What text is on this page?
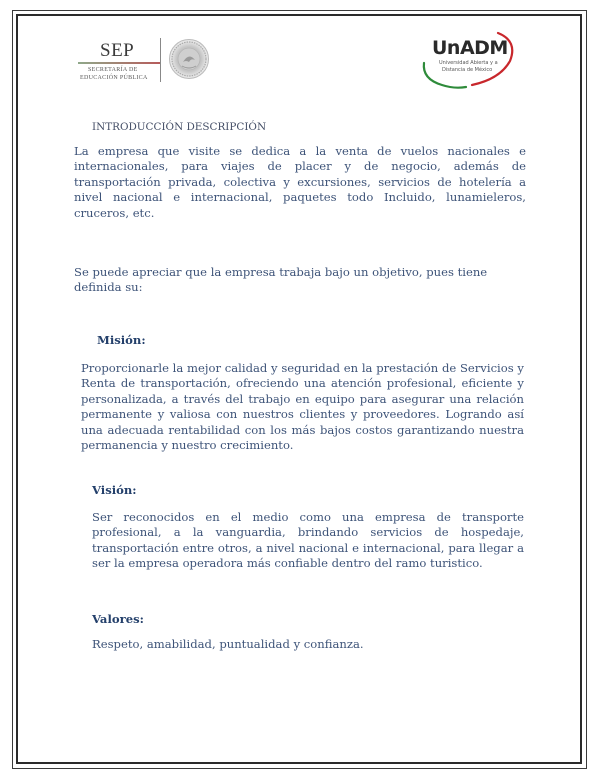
SEP
SECRETARÍA DE
EDUCACIÓN PÚBLICA
UnADM
Universidad Abierta y a
Distancia de México

INTRODUCCIÓN DESCRIPCIÓN

La empresa que visite se dedica a la venta de vuelos nacionales e internacionales, para viajes de placer y de negocio, además de transportación privada, colectiva y excursiones, servicios de hotelería a nivel nacional e internacional, paquetes todo Incluido, lunamieleros, cruceros, etc.

Se puede apreciar que la empresa trabaja bajo un objetivo, pues tiene definida su:

Misión:

Proporcionarle la mejor calidad y seguridad en la prestación de Servicios y Renta de transportación, ofreciendo una atención profesional, eficiente y personalizada, a través del trabajo en equipo para asegurar una relación permanente y valiosa con nuestros clientes y proveedores. Logrando así una adecuada rentabilidad con los más bajos costos garantizando nuestra permanencia y nuestro crecimiento.

Visión:

Ser reconocidos en el medio como una empresa de transporte profesional, a la vanguardia, brindando servicios de hospedaje, transportación entre otros, a nivel nacional e internacional, para llegar a ser la empresa operadora más confiable dentro del ramo turistico.

Valores:

Respeto, amabilidad, puntualidad y confianza.
